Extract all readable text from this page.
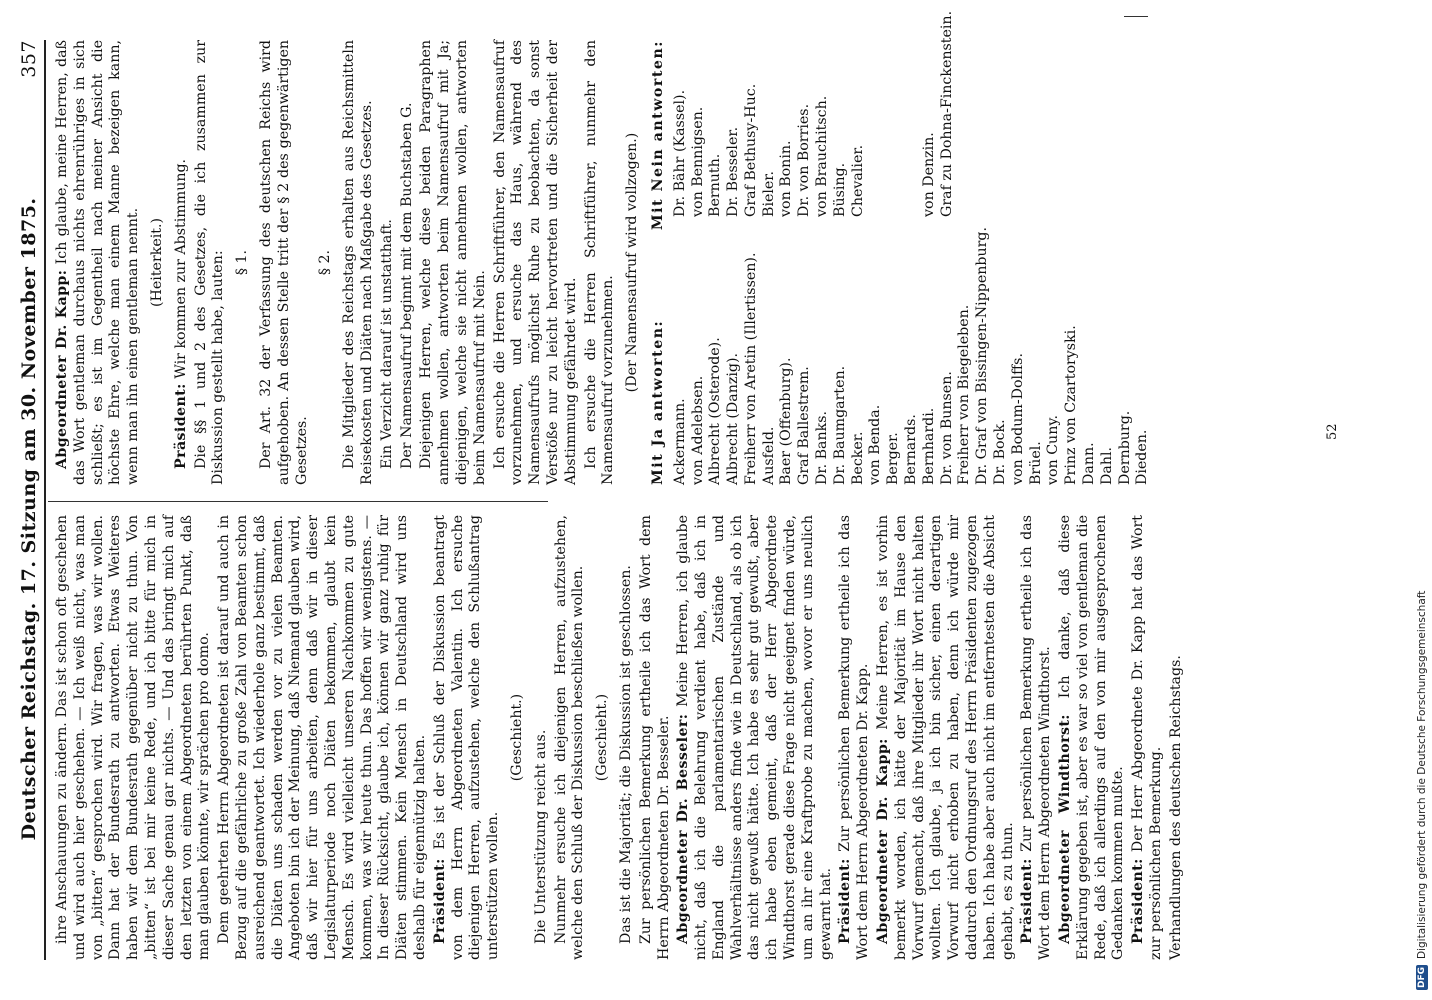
Deutscher Reichstag. 17. Sitzung am 30. November 1875.
357

ihre Anschauungen zu ändern. Das ist schon oft geschehen und wird auch hier geschehen. — Ich weiß nicht, was man von „bitten“ gesprochen wird. Wir fragen, was wir wollen. Dann hat der Bundesrath zu antworten. Etwas Weiteres haben wir dem Bundesrath gegenüber nicht zu thun. Von „bitten“ ist bei mir keine Rede, und ich bitte für mich in dieser Sache genau gar nichts. — Und das bringt mich auf den letzten von einem Abgeordneten berührten Punkt, daß man glauben könnte, wir sprächen pro domo. Dem geehrten Herrn Abgeordneten ist darauf und auch in Bezug auf die gefährliche zu große Zahl von Beamten schon ausreichend geantwortet. Ich wiederhole ganz bestimmt, daß die Diäten uns schaden werden vor zu vielen Beamten. Angeboten bin ich der Meinung, daß Niemand glauben wird, daß wir hier für uns arbeiten, denn daß wir in dieser Legislaturperiode noch Diäten bekommen, glaubt kein Mensch. Es wird vielleicht unseren Nachkommen zu gute kommen, was wir heute thun. Das hoffen wir wenigstens. — In dieser Rücksicht, glaube ich, können wir ganz ruhig für Diäten stimmen. Kein Mensch in Deutschland wird uns deshalb für eigennützig halten. Präsident: Es ist der Schluß der Diskussion beantragt von dem Herrn Abgeordneten Valentin. Ich ersuche diejenigen Herren, aufzustehen, welche den Schlußantrag unterstützen wollen.

(Geschieht.) Die Unterstützung reicht aus. Nunmehr ersuche ich diejenigen Herren, aufzustehen, welche den Schluß der Diskussion beschließen wollen. (Geschieht.) Das ist die Majorität; die Diskussion ist geschlossen. Zur persönlichen Bemerkung ertheile ich das Wort dem Herrn Abgeordneten Dr. Besseler. Abgeordneter Dr. Besseler: Meine Herren, ich glaube nicht, daß ich die Belehrung verdient habe, daß ich in England die parlamentarischen Zustände und Wahlverhältnisse anders finde wie in Deutschland, als ob ich das nicht gewußt hätte. Ich habe es sehr gut gewußt, aber ich habe eben gemeint, daß der Herr Abgeordnete Windthorst gerade diese Frage nicht geeignet finden würde, um an ihr eine Kraftprobe zu machen, wovor er uns neulich gewarnt hat. Präsident: Zur persönlichen Bemerkung ertheile ich das Wort dem Herrn Abgeordneten Dr. Kapp. Abgeordneter Dr. Kapp: Meine Herren, es ist vorhin bemerkt worden, ich hätte der Majorität im Hause den Vorwurf gemacht, daß ihre Mitglieder ihr Wort nicht halten wollten. Ich glaube, ja ich bin sicher, einen derartigen Vorwurf nicht erhoben zu haben, denn ich würde mir dadurch den Ordnungsruf des Herrn Präsidenten zugezogen haben. Ich habe aber auch nicht im entferntesten die Absicht gehabt, es zu thun. Präsident: Zur persönlichen Bemerkung ertheile ich das Wort dem Herrn Abgeordneten Windthorst. Abgeordneter Windthorst: Ich danke, daß diese Erklärung gegeben ist, aber es war so viel von gentleman die Rede, daß ich allerdings auf den von mir ausgesprochenen Gedanken kommen mußte. Präsident: Der Herr Abgeordnete Dr. Kapp hat das Wort zur persönlichen Bemerkung. Verhandlungen des deutschen Reichstags.

Abgeordneter Dr. Kapp: Ich glaube, meine Herren, daß das Wort gentleman durchaus nichts ehrenrühriges in sich schließt; es ist im Gegentheil nach meiner Ansicht die höchste Ehre, welche man einem Manne bezeigen kann, wenn man ihn einen gentleman nennt. (Heiterkeit.)

Präsident: Wir kommen zur Abstimmung. Die §§ 1 und 2 des Gesetzes, die ich zusammen zur Diskussion gestellt habe, lauten: § 1. Der Art. 32 der Verfassung des deutschen Reichs wird aufgehoben. An dessen Stelle tritt der § 2 des gegenwärtigen Gesetzes.

§ 2. Die Mitglieder des Reichstags erhalten aus Reichsmitteln Reisekosten und Diäten nach Maßgabe des Gesetzes. Ein Verzicht darauf ist unstatthaft. Der Namensaufruf beginnt mit dem Buchstaben G. Diejenigen Herren, welche diese beiden Paragraphen annehmen wollen, antworten beim Namensaufruf mit Ja; diejenigen, welche sie nicht annehmen wollen, antworten beim Namensaufruf mit Nein. Ich ersuche die Herren Schriftführer, den Namensaufruf vorzunehmen, und ersuche das Haus, während des Namensaufrufs möglichst Ruhe zu beobachten, da sonst Verstöße nur zu leicht hervortreten und die Sicherheit der Abstimmung gefährdet wird. Ich ersuche die Herren Schriftführer, nunmehr den Namensaufruf vorzunehmen. (Der Namensaufruf wird vollzogen.)

Mit Ja antworten:
Mit Nein antworten:
Ackermann. von Adelebsen. Albrecht (Osterode). Albrecht (Danzig). Freiherr von Aretin (Illertissen). Ausfeld. Baer (Offenburg). Graf Ballestrem. Dr. Banks. Dr. Baumgarten. Becker. von Benda. Berger. Bernards. Bernhardi. Dr. von Bunsen. Freiherr von Biegeleben. Dr. Graf von Bissingen-Nippenburg. Dr. Bock. von Bodum-Dolffs. Brüel. von Cuny. Prinz von Czartoryski. Dann. Dahl. Dernburg. Dieden.
Dr. Bähr (Kassel). von Bennigsen. Bernuth. Dr. Besseler. Graf Bethusy-Huc. Bieler. von Bonin. Dr. von Borries. von Brauchitsch. Büsing. Chevalier.

	von Denzin. Graf zu Dohna-Finckenstein.
52
DFG
Digitalisierung gefördert durch die Deutsche Forschungsgemeinschaft
